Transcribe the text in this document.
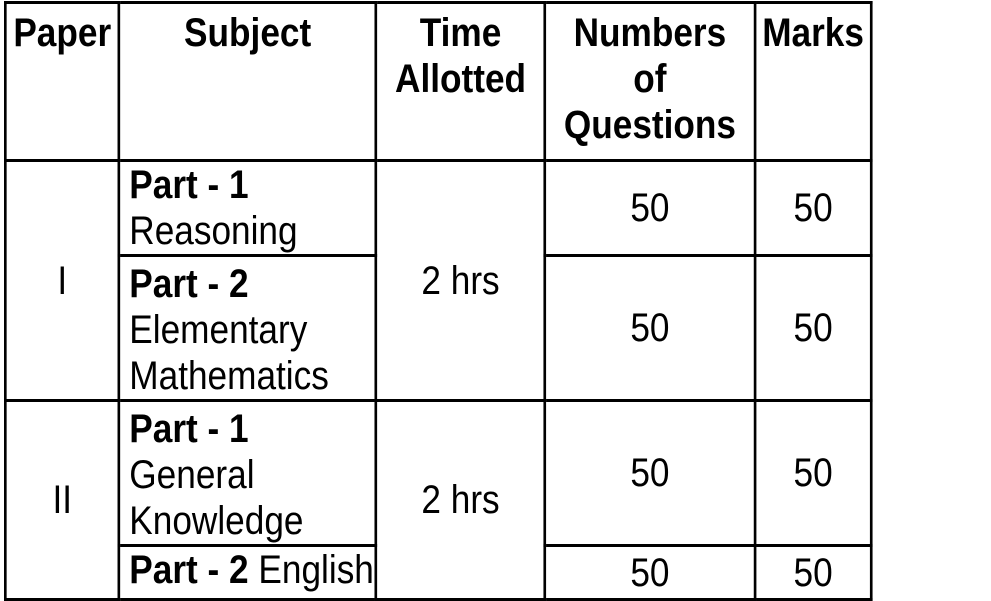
Paper	Subject	Time Allotted	Numbers of Questions	Marks
I	Part - 1 Reasoning	2 hrs	50	50
	Part - 2 Elementary Mathematics		50	50
II	Part - 1 General Knowledge	2 hrs	50	50
	Part - 2 English		50	50
